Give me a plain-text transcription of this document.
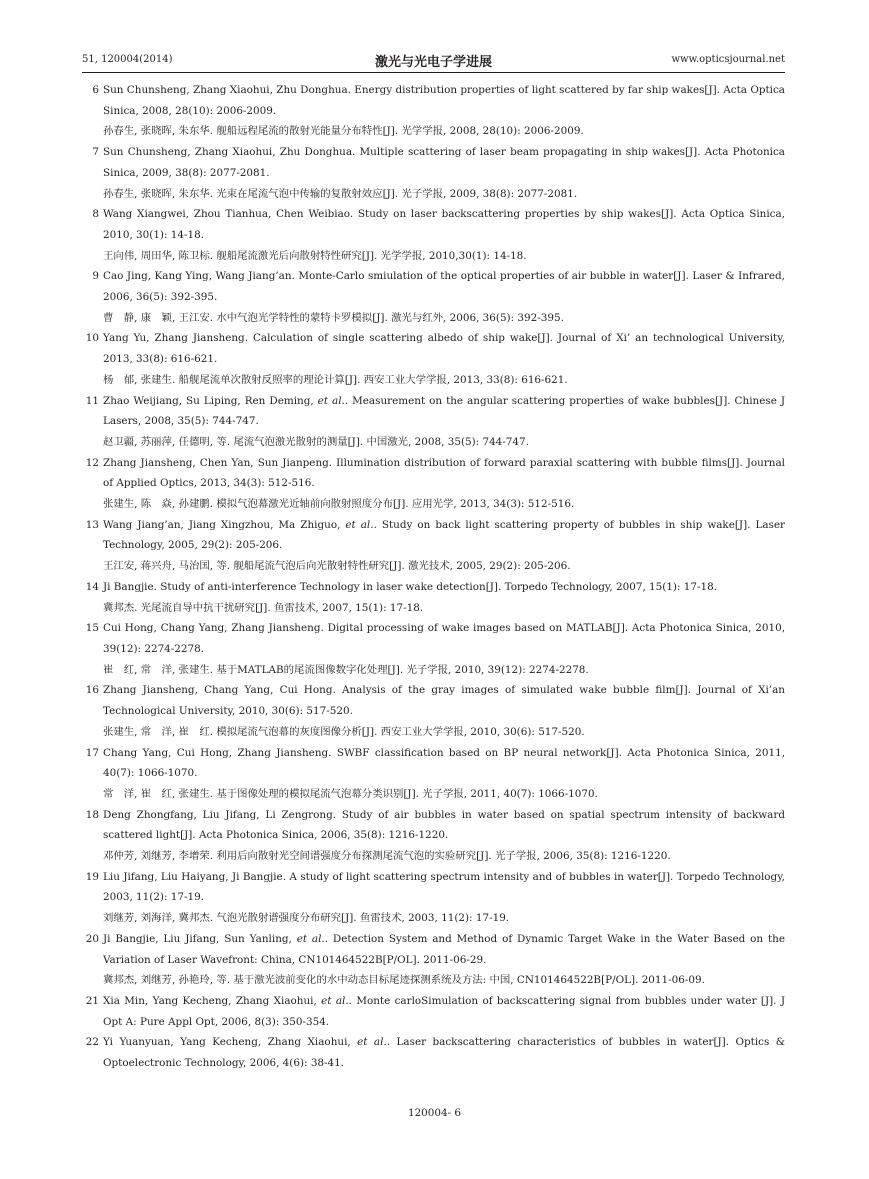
51, 120004(2014)	激光与光电子学进展	www.opticsjournal.net
6 Sun Chunsheng, Zhang Xiaohui, Zhu Donghua. Energy distribution properties of light scattered by far ship wakes[J]. Acta Optica Sinica, 2008, 28(10): 2006-2009.
孙春生, 张晓晖, 朱东华. 舰船远程尾流的散射光能量分布特性[J]. 光学学报, 2008, 28(10): 2006-2009.
7 Sun Chunsheng, Zhang Xiaohui, Zhu Donghua. Multiple scattering of laser beam propagating in ship wakes[J]. Acta Photonica Sinica, 2009, 38(8): 2077-2081.
孙春生, 张晓晖, 朱东华. 光束在尾流气泡中传输的复散射效应[J]. 光子学报, 2009, 38(8): 2077-2081.
8 Wang Xiangwei, Zhou Tianhua, Chen Weibiao. Study on laser backscattering properties by ship wakes[J]. Acta Optica Sinica, 2010, 30(1): 14-18.
王向伟, 周田华, 陈卫标. 舰船尾流激光后向散射特性研究[J]. 光学学报, 2010,30(1): 14-18.
9 Cao Jing, Kang Ying, Wang Jiang’an. Monte-Carlo smiulation of the optical properties of air bubble in water[J]. Laser & Infrared, 2006, 36(5): 392-395.
曹　静, 康　颖, 王江安. 水中气泡光学特性的蒙特卡罗模拟[J]. 激光与红外, 2006, 36(5): 392-395.
10 Yang Yu, Zhang Jiansheng. Calculation of single scattering albedo of ship wake[J]. Journal of Xi’ an technological University, 2013, 33(8): 616-621.
杨　郁, 张建生. 船舰尾流单次散射反照率的理论计算[J]. 西安工业大学学报, 2013, 33(8): 616-621.
11 Zhao Weijiang, Su Liping, Ren Deming, et al.. Measurement on the angular scattering properties of wake bubbles[J]. Chinese J Lasers, 2008, 35(5): 744-747.
赵卫疆, 苏丽萍, 任德明, 等. 尾流气泡激光散射的测量[J]. 中国激光, 2008, 35(5): 744-747.
12 Zhang Jiansheng, Chen Yan, Sun Jianpeng. Illumination distribution of forward paraxial scattering with bubble films[J]. Journal of Applied Optics, 2013, 34(3): 512-516.
张建生, 陈　焱, 孙建鹏. 模拟气泡幕激光近轴前向散射照度分布[J]. 应用光学, 2013, 34(3): 512-516.
13 Wang Jiang’an, Jiang Xingzhou, Ma Zhiguo, et al.. Study on back light scattering property of bubbles in ship wake[J]. Laser Technology, 2005, 29(2): 205-206.
王江安, 蒋兴舟, 马治国, 等. 舰船尾流气泡后向光散射特性研究[J]. 激光技术, 2005, 29(2): 205-206.
14 Ji Bangjie. Study of anti-interference Technology in laser wake detection[J]. Torpedo Technology, 2007, 15(1): 17-18.
冀邦杰. 光尾流自导中抗干扰研究[J]. 鱼雷技术, 2007, 15(1): 17-18.
15 Cui Hong, Chang Yang, Zhang Jiansheng. Digital processing of wake images based on MATLAB[J]. Acta Photonica Sinica, 2010, 39(12): 2274-2278.
崔　红, 常　洋, 张建生. 基于MATLAB的尾流图像数字化处理[J]. 光子学报, 2010, 39(12): 2274-2278.
16 Zhang Jiansheng, Chang Yang, Cui Hong. Analysis of the gray images of simulated wake bubble film[J]. Journal of Xi’an Technological University, 2010, 30(6): 517-520.
张建生, 常　洋, 崔　红. 模拟尾流气泡幕的灰度图像分析[J]. 西安工业大学学报, 2010, 30(6): 517-520.
17 Chang Yang, Cui Hong, Zhang Jiansheng. SWBF classification based on BP neural network[J]. Acta Photonica Sinica, 2011, 40(7): 1066-1070.
常　洋, 崔　红, 张建生. 基于图像处理的模拟尾流气泡幕分类识别[J]. 光子学报, 2011, 40(7): 1066-1070.
18 Deng Zhongfang, Liu Jifang, Li Zengrong. Study of air bubbles in water based on spatial spectrum intensity of backward scattered light[J]. Acta Photonica Sinica, 2006, 35(8): 1216-1220.
邓仲芳, 刘继芳, 李增荣. 利用后向散射光空间谱强度分布探测尾流气泡的实验研究[J]. 光子学报, 2006, 35(8): 1216-1220.
19 Liu Jifang, Liu Haiyang, Ji Bangjie. A study of light scattering spectrum intensity and of bubbles in water[J]. Torpedo Technology, 2003, 11(2): 17-19.
刘继芳, 刘海洋, 冀邦杰. 气泡光散射谱强度分布研究[J]. 鱼雷技术, 2003, 11(2): 17-19.
20 Ji Bangjie, Liu Jifang, Sun Yanling, et al.. Detection System and Method of Dynamic Target Wake in the Water Based on the Variation of Laser Wavefront: China, CN101464522B[P/OL]. 2011-06-29.
冀邦杰, 刘继芳, 孙艳玲, 等. 基于激光波前变化的水中动态目标尾迹探测系统及方法: 中国, CN101464522B[P/OL]. 2011-06-09.
21 Xia Min, Yang Kecheng, Zhang Xiaohui, et al.. Monte carloSimulation of backscattering signal from bubbles under water [J]. J Opt A: Pure Appl Opt, 2006, 8(3): 350-354.
22 Yi Yuanyuan, Yang Kecheng, Zhang Xiaohui, et al.. Laser backscattering characteristics of bubbles in water[J]. Optics & Optoelectronic Technology, 2006, 4(6): 38-41.
120004- 6
